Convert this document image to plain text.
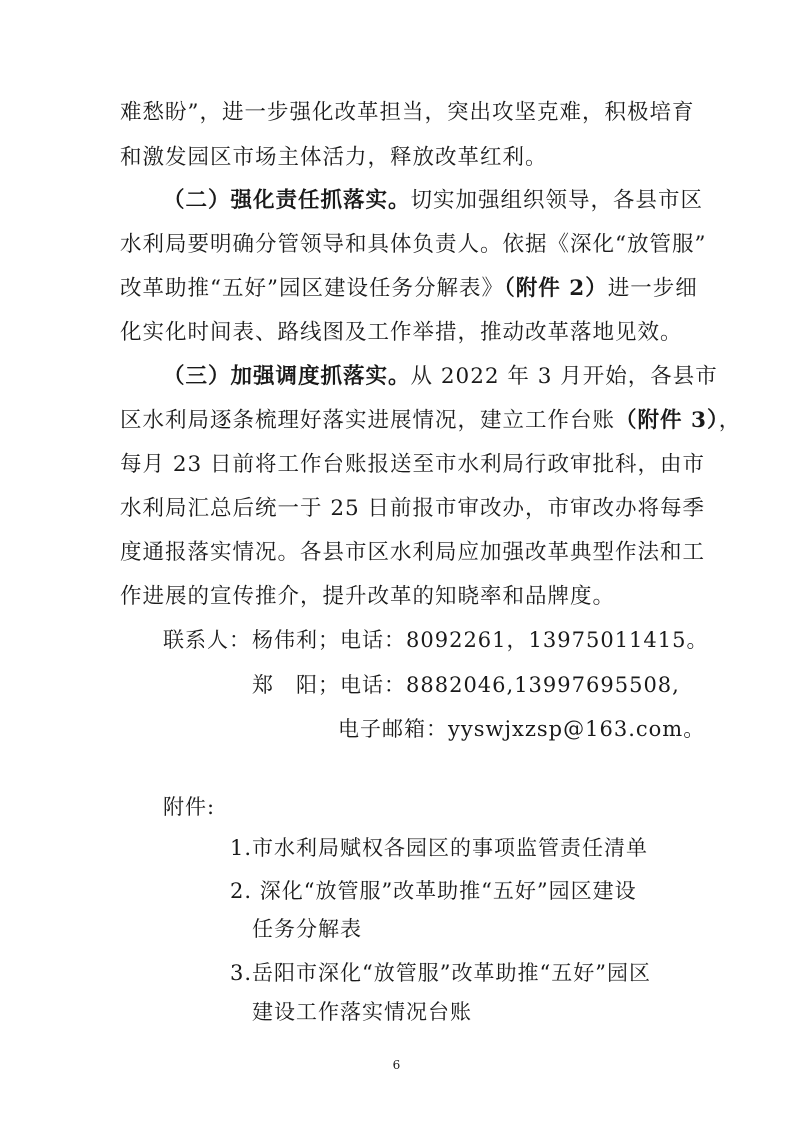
难愁盼”，进一步强化改革担当，突出攻坚克难，积极培育
和激发园区市场主体活力，释放改革红利。
（二）强化责任抓落实。切实加强组织领导，各县市区
水利局要明确分管领导和具体负责人。依据《深化“放管服”
改革助推“五好”园区建设任务分解表》（附件 2）进一步细
化实化时间表、路线图及工作举措，推动改革落地见效。
（三）加强调度抓落实。从 2022 年 3 月开始，各县市
区水利局逐条梳理好落实进展情况，建立工作台账（附件 3），
每月 23 日前将工作台账报送至市水利局行政审批科，由市
水利局汇总后统一于 25 日前报市审改办，市审改办将每季
度通报落实情况。各县市区水利局应加强改革典型作法和工
作进展的宣传推介，提升改革的知晓率和品牌度。
联系人： 杨伟利；电话：8092261，13975011415。
郑　阳；电话：8882046,13997695508,
电子邮箱：yyswjxzsp@163.com。
附件:
1.市水利局赋权各园区的事项监管责任清单
2. 深化“放管服”改革助推“五好”园区建设
任务分解表
3.岳阳市深化“放管服”改革助推“五好”园区
建设工作落实情况台账
6
